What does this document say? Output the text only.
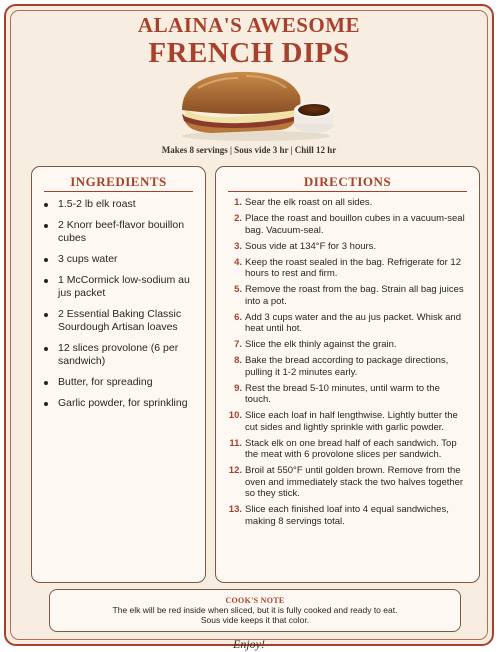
ALAINA'S AWESOME
FRENCH DIPS
Makes 8 servings | Sous vide 3 hr | Chill 12 hr
INGREDIENTS
1.5-2 lb elk roast
2 Knorr beef-flavor bouillon cubes
3 cups water
1 McCormick low-sodium au jus packet
2 Essential Baking Classic Sourdough Artisan loaves
12 slices provolone (6 per sandwich)
Butter, for spreading
Garlic powder, for sprinkling
DIRECTIONS
1. Sear the elk roast on all sides.
2. Place the roast and bouillon cubes in a vacuum-seal bag. Vacuum-seal.
3. Sous vide at 134°F for 3 hours.
4. Keep the roast sealed in the bag. Refrigerate for 12 hours to rest and firm.
5. Remove the roast from the bag. Strain all bag juices into a pot.
6. Add 3 cups water and the au jus packet. Whisk and heat until hot.
7. Slice the elk thinly against the grain.
8. Bake the bread according to package directions, pulling it 1-2 minutes early.
9. Rest the bread 5-10 minutes, until warm to the touch.
10. Slice each loaf in half lengthwise. Lightly butter the cut sides and lightly sprinkle with garlic powder.
11. Stack elk on one bread half of each sandwich. Top the meat with 6 provolone slices per sandwich.
12. Broil at 550°F until golden brown. Remove from the oven and immediately stack the two halves together so they stick.
13. Slice each finished loaf into 4 equal sandwiches, making 8 servings total.
COOK'S NOTE
The elk will be red inside when sliced, but it is fully cooked and ready to eat.
Sous vide keeps it that color.
Enjoy!
